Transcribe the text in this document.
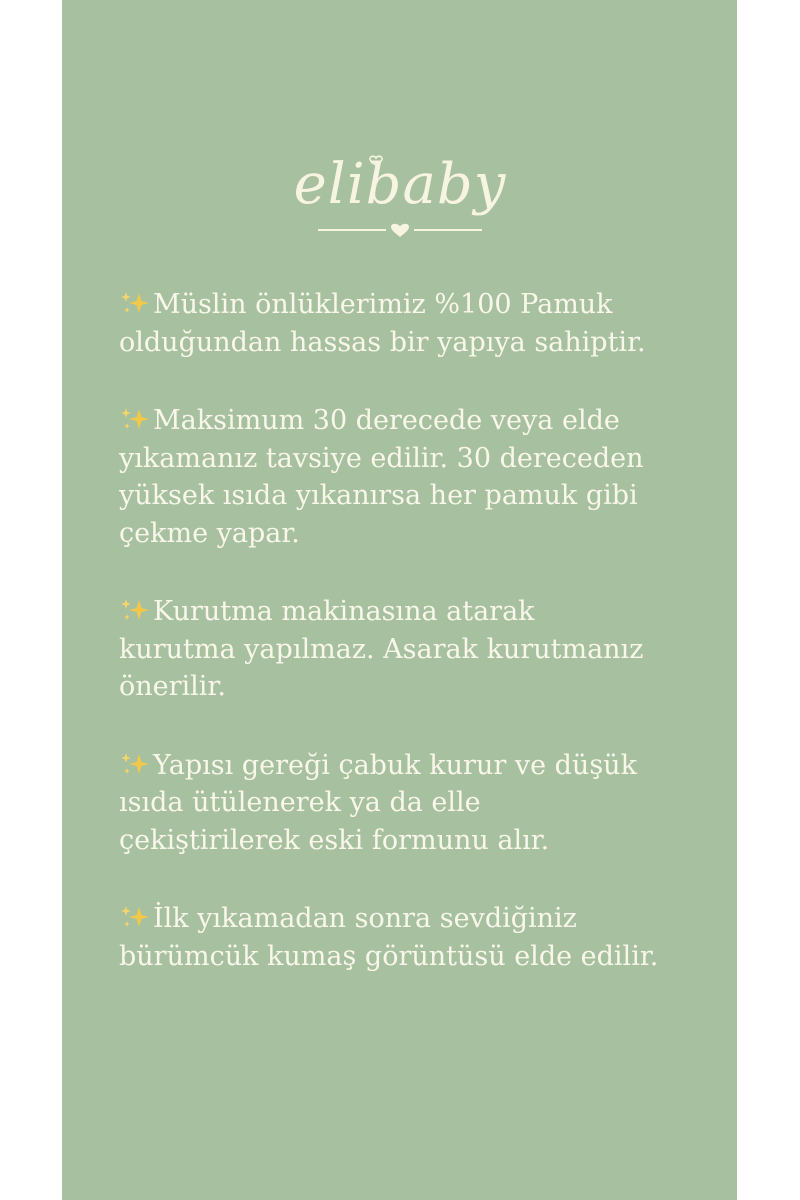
elibaby
Müslin önlüklerimiz %100 Pamuk
olduğundan hassas bir yapıya sahiptir.
Maksimum 30 derecede veya elde
yıkamanız tavsiye edilir. 30 dereceden
yüksek ısıda yıkanırsa her pamuk gibi
çekme yapar.
Kurutma makinasına atarak
kurutma yapılmaz. Asarak kurutmanız
önerilir.
Yapısı gereği çabuk kurur ve düşük
ısıda ütülenerek ya da elle
çekiştirilerek eski formunu alır.
İlk yıkamadan sonra sevdiğiniz
bürümcük kumaş görüntüsü elde edilir.
